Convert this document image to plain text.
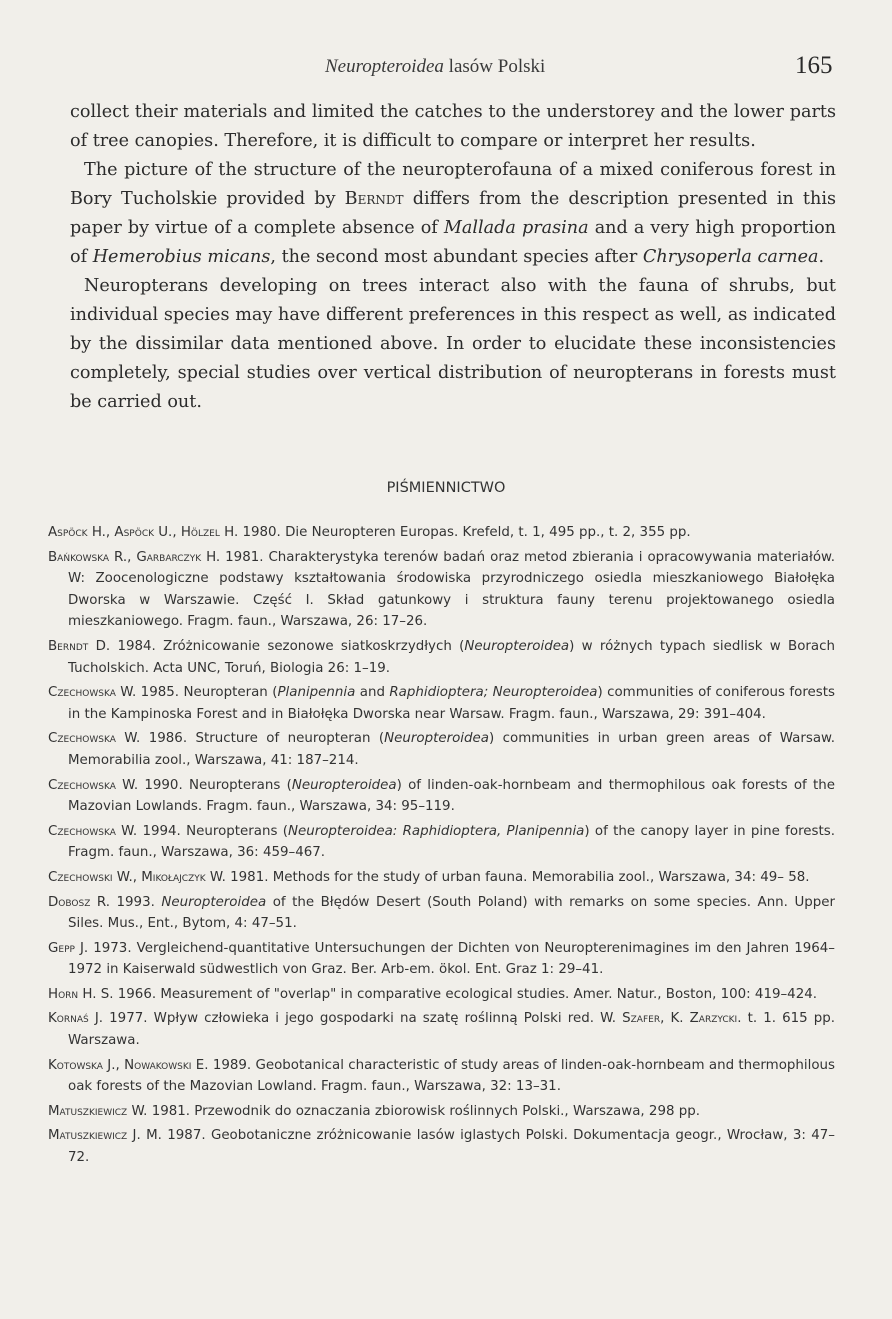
Neuropteroidea lasów Polski	165

collect their materials and limited the catches to the understorey and the lower parts of tree canopies. Therefore, it is difficult to compare or interpret her results.

The picture of the structure of the neuropterofauna of a mixed coniferous forest in Bory Tucholskie provided by Berndt differs from the description presented in this paper by virtue of a complete absence of Mallada prasina and a very high proportion of Hemerobius micans, the second most abundant species after Chrysoperla carnea.

Neuropterans developing on trees interact also with the fauna of shrubs, but individual species may have different preferences in this respect as well, as indicated by the dissimilar data mentioned above. In order to elucidate these inconsistencies completely, special studies over vertical distribution of neuropterans in forests must be carried out.

PIŚMIENNICTWO
Aspöck H., Aspöck U., Hölzel H. 1980. Die Neuropteren Europas. Krefeld, t. 1, 495 pp., t. 2, 355 pp.
Bańkowska R., Garbarczyk H. 1981. Charakterystyka terenów badań oraz metod zbierania i opracowywania materiałów. W: Zoocenologiczne podstawy kształtowania środowiska przyrodniczego osiedla mieszkaniowego Białołęka Dworska w Warszawie. Część I. Skład gatunkowy i struktura fauny terenu projektowanego osiedla mieszkaniowego. Fragm. faun., Warszawa, 26: 17–26.
Berndt D. 1984. Zróżnicowanie sezonowe siatkoskrzydłych (Neuropteroidea) w różnych typach siedlisk w Borach Tucholskich. Acta UNC, Toruń, Biologia 26: 1–19.
Czechowska W. 1985. Neuropteran (Planipennia and Raphidioptera; Neuropteroidea) communities of coniferous forests in the Kampinoska Forest and in Białołęka Dworska near Warsaw. Fragm. faun., Warszawa, 29: 391–404.
Czechowska W. 1986. Structure of neuropteran (Neuropteroidea) communities in urban green areas of Warsaw. Memorabilia zool., Warszawa, 41: 187–214.
Czechowska W. 1990. Neuropterans (Neuropteroidea) of linden-oak-hornbeam and thermophilous oak forests of the Mazovian Lowlands. Fragm. faun., Warszawa, 34: 95–119.
Czechowska W. 1994. Neuropterans (Neuropteroidea: Raphidioptera, Planipennia) of the canopy layer in pine forests. Fragm. faun., Warszawa, 36: 459–467.
Czechowski W., Mikołajczyk W. 1981. Methods for the study of urban fauna. Memorabilia zool., Warszawa, 34: 49– 58.
Dobosz R. 1993. Neuropteroidea of the Błędów Desert (South Poland) with remarks on some species. Ann. Upper Siles. Mus., Ent., Bytom, 4: 47–51.
Gepp J. 1973. Vergleichend-quantitative Untersuchungen der Dichten von Neuropterenimagines im den Jahren 1964–1972 in Kaiserwald südwestlich von Graz. Ber. Arb-em. ökol. Ent. Graz 1: 29–41.
Horn H. S. 1966. Measurement of "overlap" in comparative ecological studies. Amer. Natur., Boston, 100: 419–424.
Kornaś J. 1977. Wpływ człowieka i jego gospodarki na szatę roślinną Polski red. W. Szafer, K. Zarzycki. t. 1. 615 pp. Warszawa.
Kotowska J., Nowakowski E. 1989. Geobotanical characteristic of study areas of linden-oak-hornbeam and thermophilous oak forests of the Mazovian Lowland. Fragm. faun., Warszawa, 32: 13–31.
Matuszkiewicz W. 1981. Przewodnik do oznaczania zbiorowisk roślinnych Polski., Warszawa, 298 pp.
Matuszkiewicz J. M. 1987. Geobotaniczne zróżnicowanie lasów iglastych Polski. Dokumentacja geogr., Wrocław, 3: 47–72.
